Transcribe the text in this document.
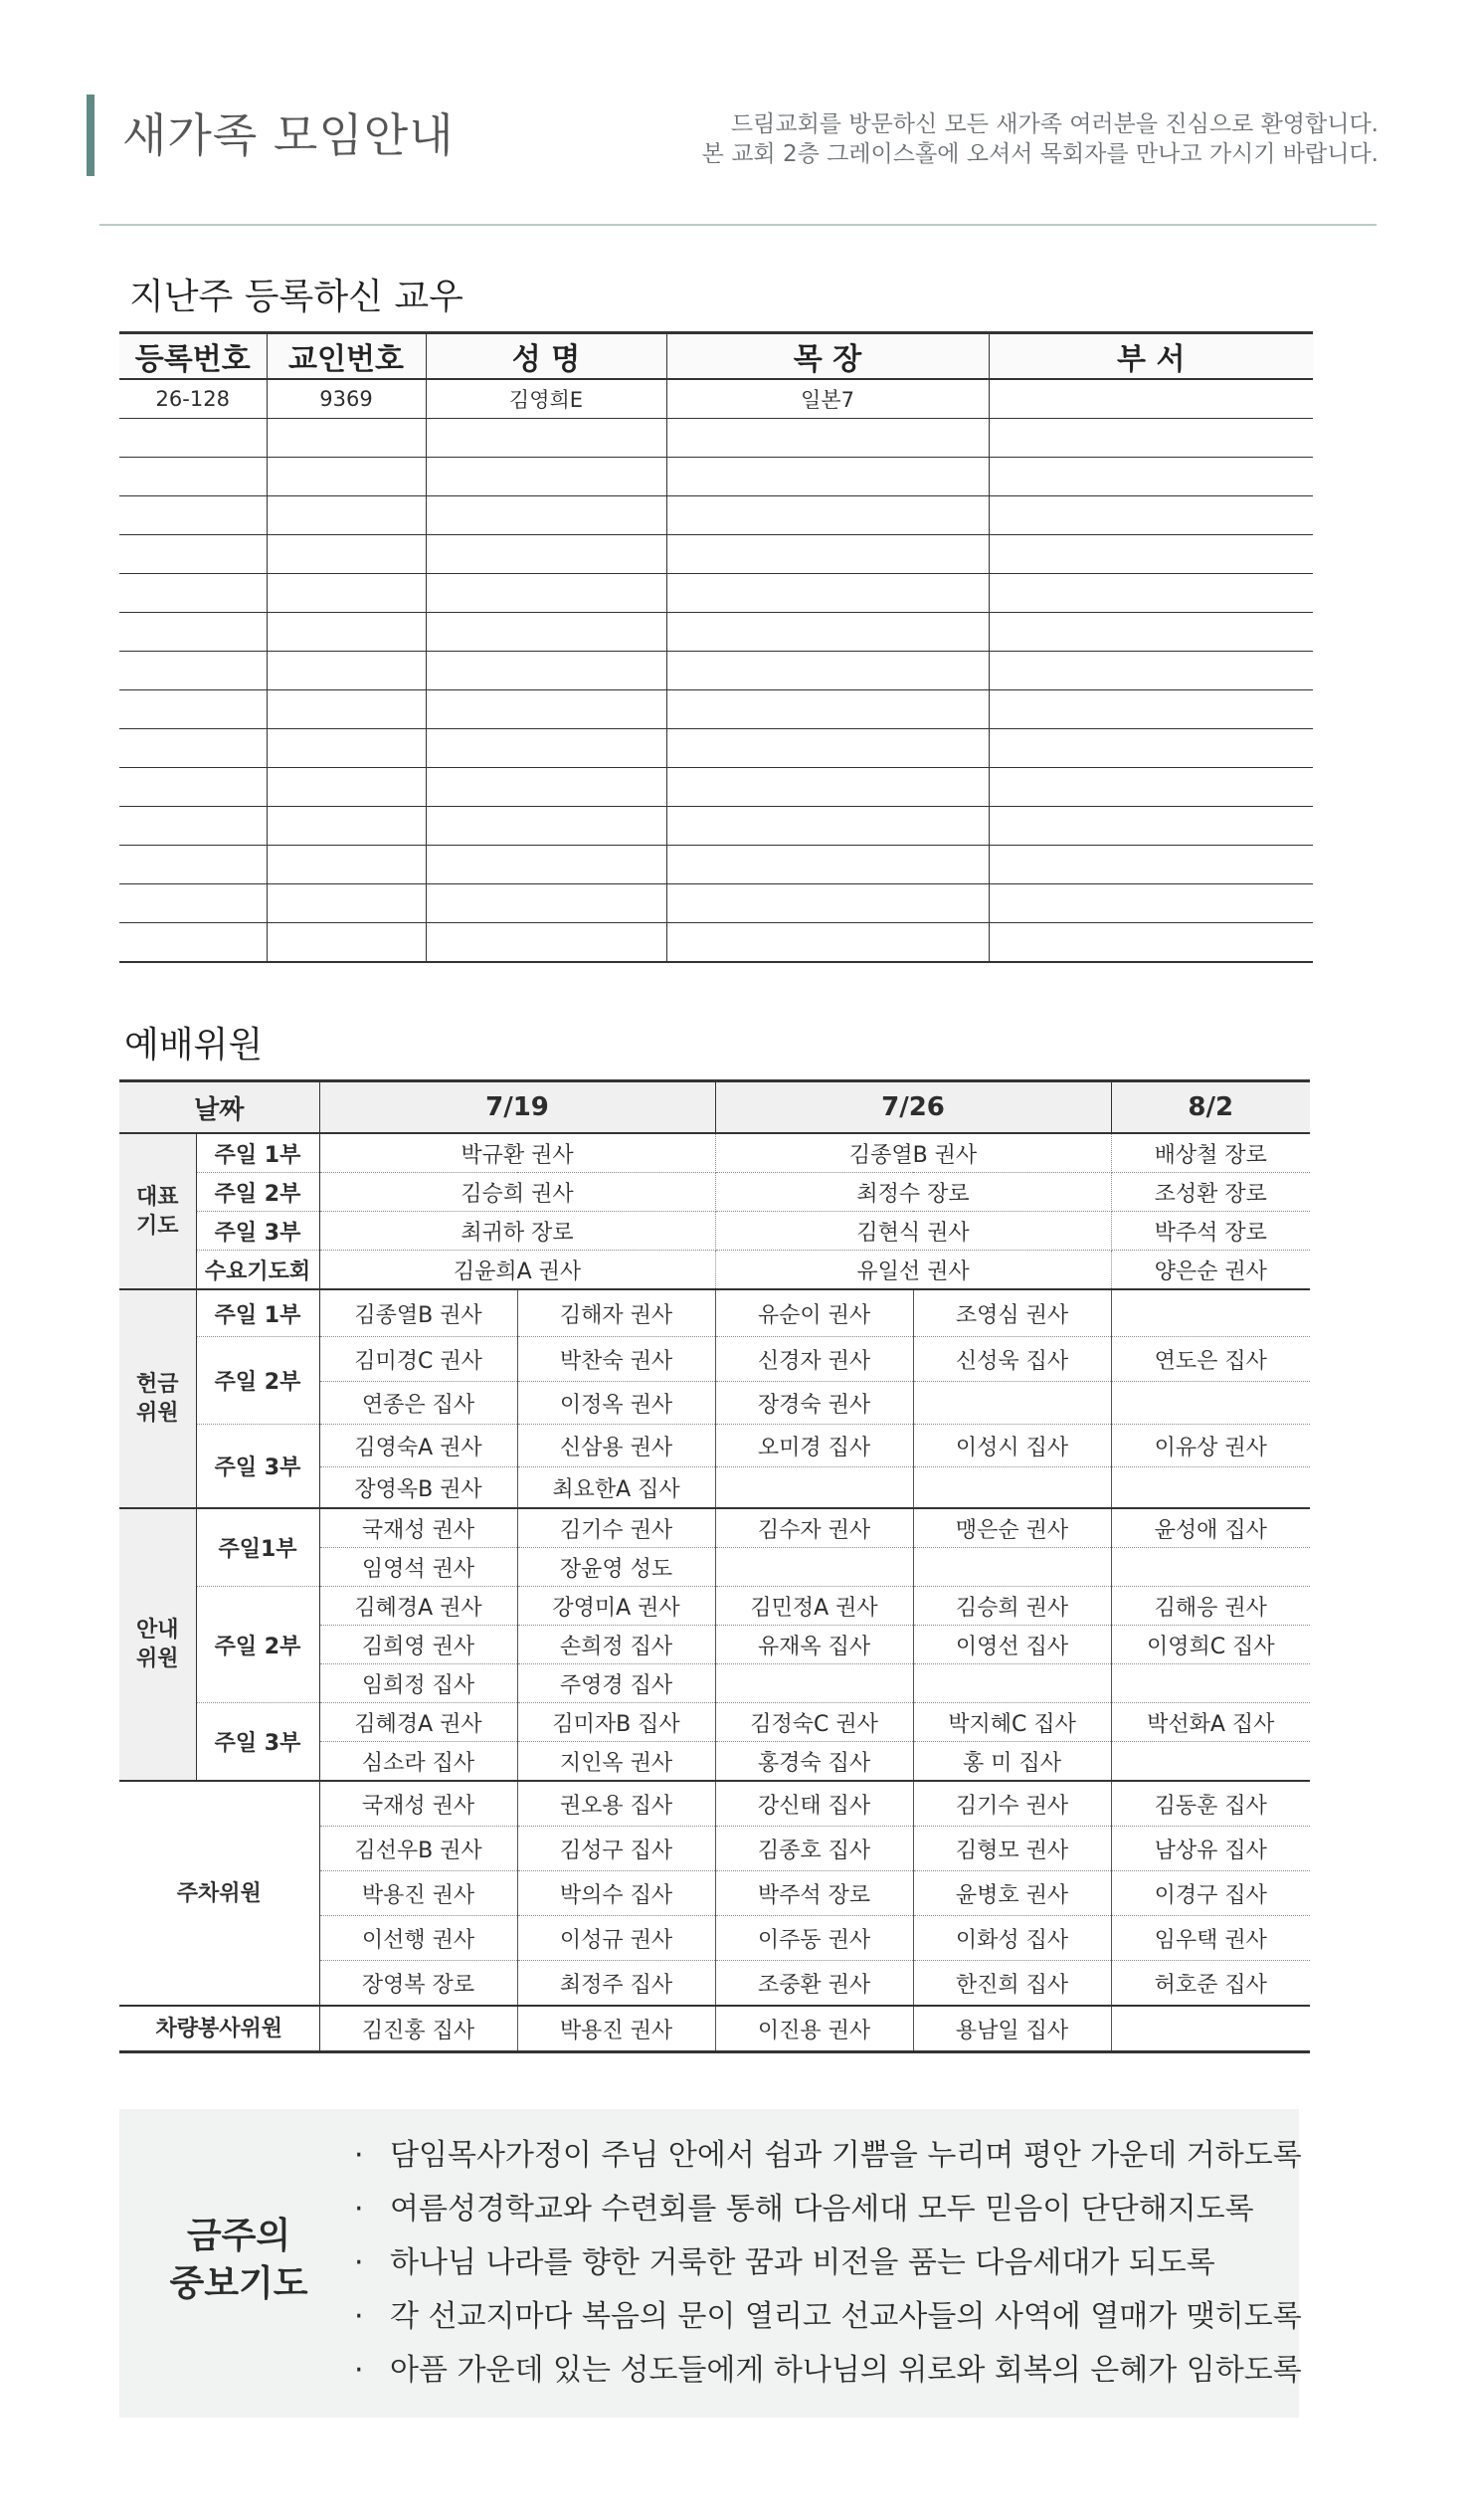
새가족 모임안내	드림교회를 방문하신 모든 새가족 여러분을 진심으로 환영합니다.
본 교회 2층 그레이스홀에 오셔서 목회자를 만나고 가시기 바랍니다.
지난주 등록하신 교우
등록번호	교인번호	성 명	목 장	부 서
26-128	9369	김영희E	일본7	

예배위원
날짜		7/19		7/26		8/2
대표
기도	주일 1부	박규환 권사		김종열B 권사		배상철 장로
	주일 2부	김승희 권사		최정수 장로		조성환 장로
	주일 3부	최귀하 장로		김현식 권사		박주석 장로
	수요기도회	김윤희A 권사		유일선 권사		양은순 권사
헌금
위원	주일 1부	김종열B 권사	김해자 권사	유순이 권사	조영심 권사	
	주일 2부	김미경C 권사	박찬숙 권사	신경자 권사	신성욱 집사	연도은 집사
		연종은 집사	이정옥 권사	장경숙 권사		
	주일 3부	김영숙A 권사	신삼용 권사	오미경 집사	이성시 집사	이유상 권사
		장영옥B 권사	최요한A 집사			
안내
위원	주일1부	국재성 권사	김기수 권사	김수자 권사	맹은순 권사	윤성애 집사
		임영석 권사	장윤영 성도			
	주일 2부	김혜경A 권사	강영미A 권사	김민정A 권사	김승희 권사	김해응 권사
		김희영 권사	손희정 집사	유재옥 집사	이영선 집사	이영희C 집사
		임희정 집사	주영경 집사			
	주일 3부	김혜경A 권사	김미자B 집사	김정숙C 권사	박지혜C 집사	박선화A 집사
		심소라 집사	지인옥 권사	홍경숙 집사	홍 미 집사	
주차위원		국재성 권사	권오용 집사	강신태 집사	김기수 권사	김동훈 집사
		김선우B 권사	김성구 집사	김종호 집사	김형모 권사	남상유 집사
		박용진 권사	박의수 집사	박주석 장로	윤병호 권사	이경구 집사
		이선행 권사	이성규 권사	이주동 권사	이화성 집사	임우택 권사
		장영복 장로	최정주 집사	조중환 권사	한진희 집사	허호준 집사
차량봉사위원		김진홍 집사	박용진 권사	이진용 권사	용남일 집사	
금주의
중보기도
· 담임목사가정이 주님 안에서 쉼과 기쁨을 누리며 평안 가운데 거하도록
· 여름성경학교와 수련회를 통해 다음세대 모두 믿음이 단단해지도록
· 하나님 나라를 향한 거룩한 꿈과 비전을 품는 다음세대가 되도록
· 각 선교지마다 복음의 문이 열리고 선교사들의 사역에 열매가 맺히도록
· 아픔 가운데 있는 성도들에게 하나님의 위로와 회복의 은혜가 임하도록
